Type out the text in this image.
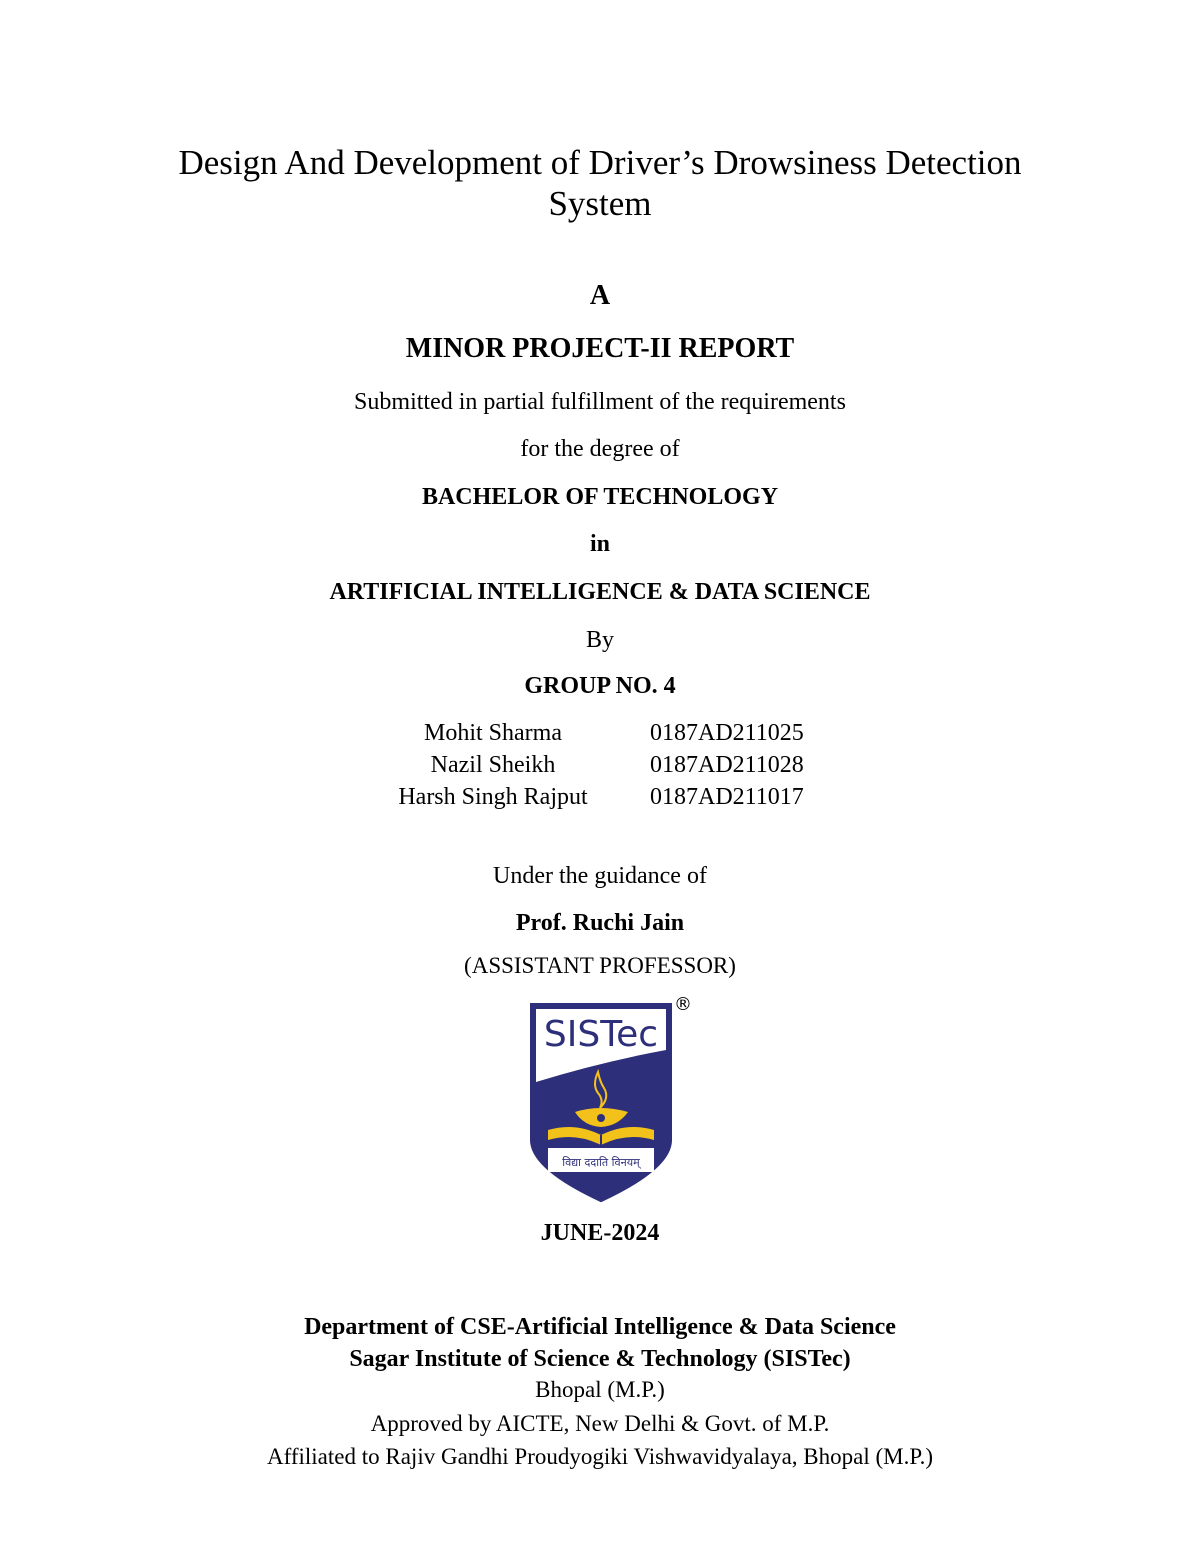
Design And Development of Driver’s Drowsiness Detection
System
A
MINOR PROJECT-II REPORT
Submitted in partial fulfillment of the requirements
for the degree of
BACHELOR OF TECHNOLOGY
in
ARTIFICIAL INTELLIGENCE & DATA SCIENCE
By
GROUP NO. 4
Mohit Sharma	0187AD211025
Nazil Sheikh	0187AD211028
Harsh Singh Rajput	0187AD211017
Under the guidance of
Prof. Ruchi Jain
(ASSISTANT PROFESSOR)
SISTec
®
विद्या ददाति विनयम्
JUNE-2024
Department of CSE-Artificial Intelligence & Data Science
Sagar Institute of Science & Technology (SISTec)
Bhopal (M.P.)
Approved by AICTE, New Delhi & Govt. of M.P.
Affiliated to Rajiv Gandhi Proudyogiki Vishwavidyalaya, Bhopal (M.P.)
